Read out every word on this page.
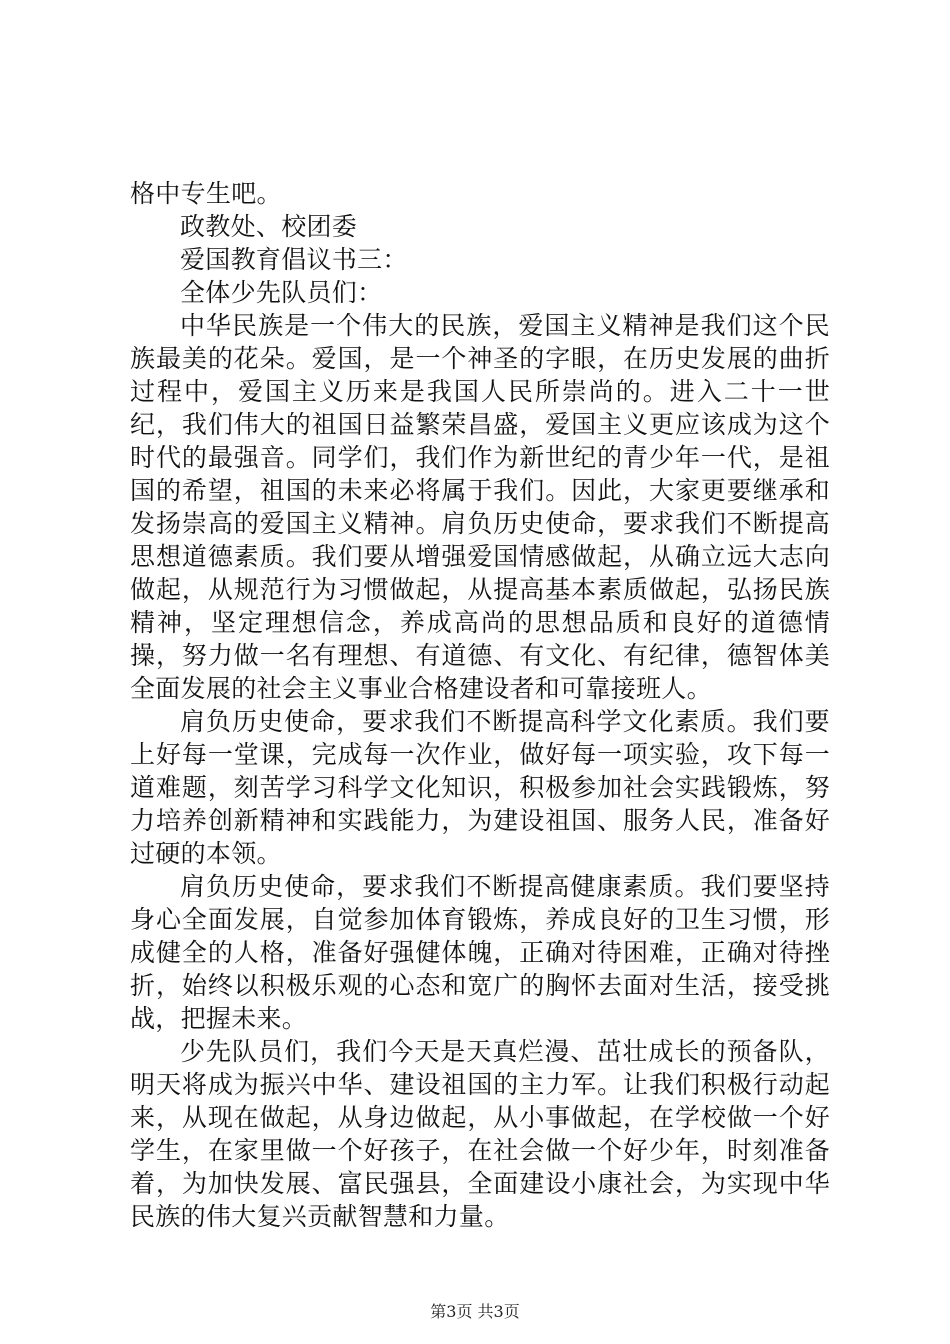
格中专生吧。

政教处、校团委

爱国教育倡议书三：

全体少先队员们：

中华民族是一个伟大的民族，爱国主义精神是我们这个民族最美的花朵。爱国，是一个神圣的字眼，在历史发展的曲折过程中，爱国主义历来是我国人民所崇尚的。进入二十一世纪，我们伟大的祖国日益繁荣昌盛，爱国主义更应该成为这个时代的最强音。同学们，我们作为新世纪的青少年一代，是祖国的希望，祖国的未来必将属于我们。因此，大家更要继承和发扬崇高的爱国主义精神。肩负历史使命，要求我们不断提高思想道德素质。我们要从增强爱国情感做起，从确立远大志向做起，从规范行为习惯做起，从提高基本素质做起，弘扬民族精神，坚定理想信念，养成高尚的思想品质和良好的道德情操，努力做一名有理想、有道德、有文化、有纪律，德智体美全面发展的社会主义事业合格建设者和可靠接班人。

肩负历史使命，要求我们不断提高科学文化素质。我们要上好每一堂课，完成每一次作业，做好每一项实验，攻下每一道难题，刻苦学习科学文化知识，积极参加社会实践锻炼，努力培养创新精神和实践能力，为建设祖国、服务人民，准备好过硬的本领。

肩负历史使命，要求我们不断提高健康素质。我们要坚持身心全面发展，自觉参加体育锻炼，养成良好的卫生习惯，形成健全的人格，准备好强健体魄，正确对待困难，正确对待挫折，始终以积极乐观的心态和宽广的胸怀去面对生活，接受挑战，把握未来。

少先队员们，我们今天是天真烂漫、茁壮成长的预备队，明天将成为振兴中华、建设祖国的主力军。让我们积极行动起来，从现在做起，从身边做起，从小事做起，在学校做一个好学生，在家里做一个好孩子，在社会做一个好少年，时刻准备着，为加快发展、富民强县，全面建设小康社会，为实现中华民族的伟大复兴贡献智慧和力量。

第3页 共3页
